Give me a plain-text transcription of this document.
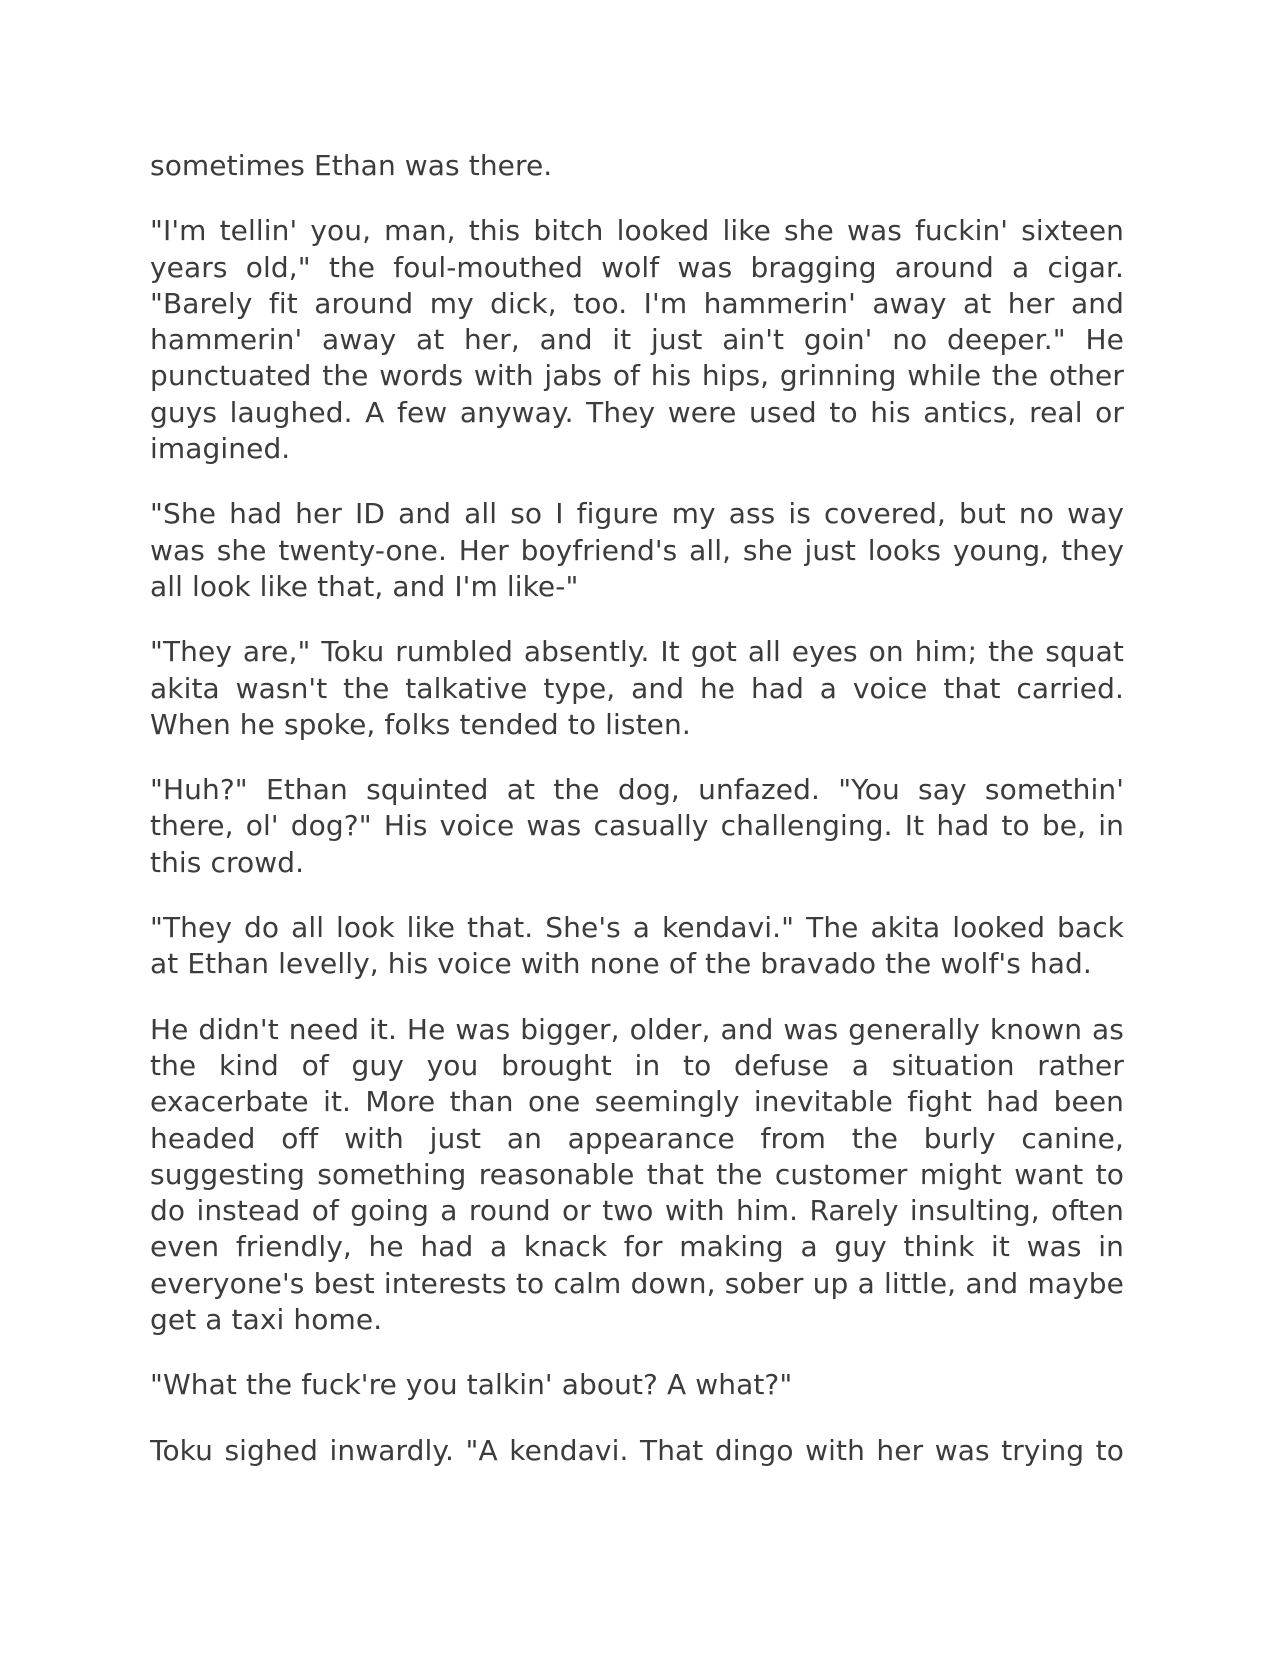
sometimes Ethan was there.

"I'm tellin' you, man, this bitch looked like she was fuckin' sixteen years old," the foul-mouthed wolf was bragging around a cigar. "Barely fit around my dick, too. I'm hammerin' away at her and hammerin' away at her, and it just ain't goin' no deeper." He punctuated the words with jabs of his hips, grinning while the other guys laughed. A few anyway. They were used to his antics, real or imagined.

"She had her ID and all so I figure my ass is covered, but no way was she twenty-one. Her boyfriend's all, she just looks young, they all look like that, and I'm like-"

"They are," Toku rumbled absently. It got all eyes on him; the squat akita wasn't the talkative type, and he had a voice that carried. When he spoke, folks tended to listen.

"Huh?" Ethan squinted at the dog, unfazed. "You say somethin' there, ol' dog?" His voice was casually challenging. It had to be, in this crowd.

"They do all look like that. She's a kendavi." The akita looked back at Ethan levelly, his voice with none of the bravado the wolf's had.

He didn't need it. He was bigger, older, and was generally known as the kind of guy you brought in to defuse a situation rather exacerbate it. More than one seemingly inevitable fight had been headed off with just an appearance from the burly canine, suggesting something reasonable that the customer might want to do instead of going a round or two with him. Rarely insulting, often even friendly, he had a knack for making a guy think it was in everyone's best interests to calm down, sober up a little, and maybe get a taxi home.

"What the fuck're you talkin' about? A what?"

Toku sighed inwardly. "A kendavi. That dingo with her was trying to
